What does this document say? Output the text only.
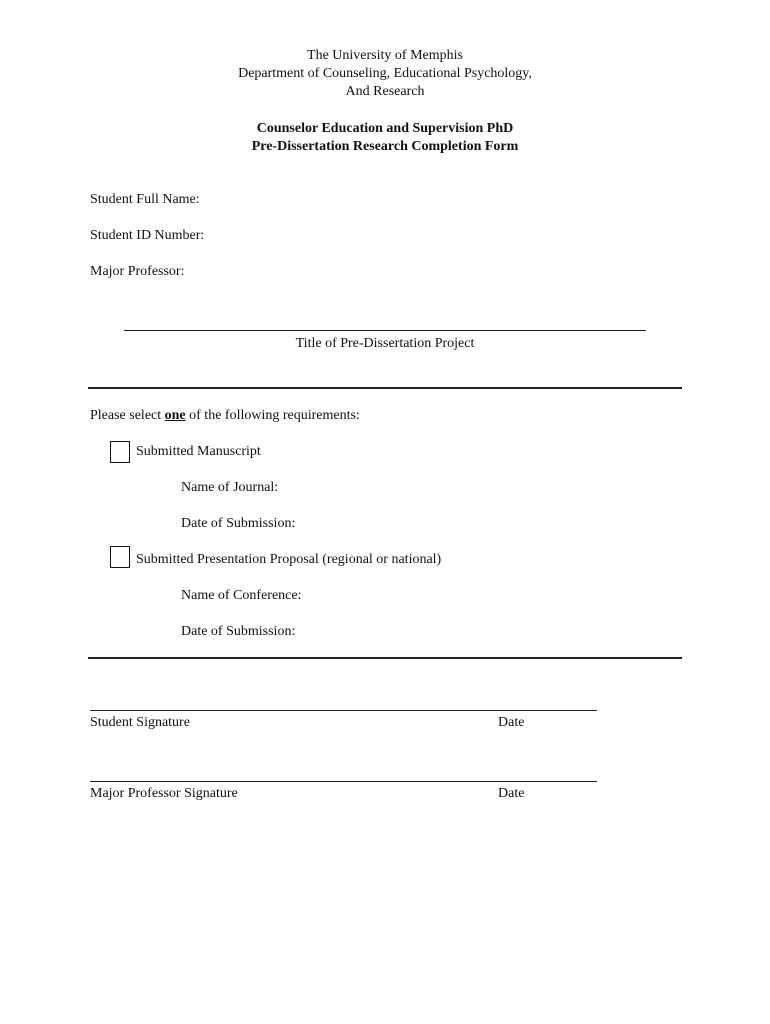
The University of Memphis
Department of Counseling, Educational Psychology,
And Research
Counselor Education and Supervision PhD
Pre-Dissertation Research Completion Form
Student Full Name:
Student ID Number:
Major Professor:
Title of Pre-Dissertation Project
Please select one of the following requirements:
Submitted Manuscript
Name of Journal:
Date of Submission:
Submitted Presentation Proposal (regional or national)
Name of Conference:
Date of Submission:
Student Signature	Date
Major Professor Signature	Date
